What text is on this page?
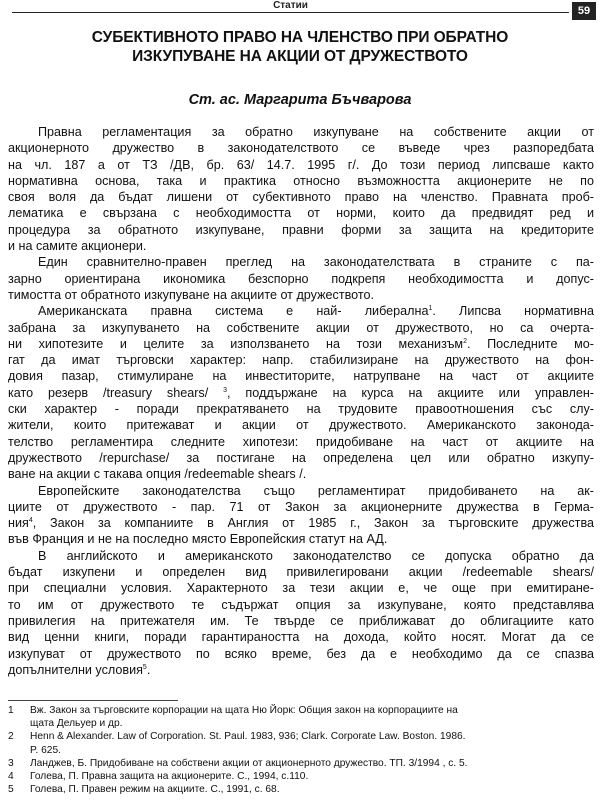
Статии	59
СУБЕКТИВНОТО ПРАВО НА ЧЛЕНСТВО ПРИ ОБРАТНО
ИЗКУПУВАНЕ НА АКЦИИ ОТ ДРУЖЕСТВОТО
Ст. ас. Маргарита Бъчварова
Правна регламентация за обратно изкупуване на собствените акции от
акционерното дружество в законодателството се въведе чрез разпоредбата
на чл. 187 а от ТЗ /ДВ, бр. 63/ 14.7. 1995 г/. До този период липсваше както
нормативна основа, така и практика относно възможността акционерите не по
своя воля да бъдат лишени от субективното право на членство. Правната проб-
лематика е свързана с необходимостта от норми, които да предвидят ред и
процедура за обратното изкупуване, правни форми за защита на кредиторите
и на самите акционери.
Един сравнително-правен преглед на законодателствата в страните с па-
зарно ориентирана икономика безспорно подкрепя необходимостта и допус-
тимостта от обратното изкупуване на акциите от дружеството.
Американската правна система е най- либерална$^1$. Липсва нормативна
забрана за изкупуването на собствените акции от дружеството, но са очертa-
ни хипотезите и целите за използването на този механизъм$^2$. Последните мо-
гат да имат търговски характер: напр. стабилизиране на дружеството на фон-
довия пазар, стимулиране на инвеститорите, натрупване на част от акциите
като резерв /treasury shears/ $^3$, поддържане на курса на акциите или управлен-
ски характер - поради прекратяването на трудовите правоотношения със слу-
жители, които притежават и акции от дружеството. Американското законода-
телство регламентира следните хипотези: придобиване на част от акциите на
дружеството /repurchase/ за постигане на определена цел или обратно изкупу-
ване на акции с такава опция /redeemable shears /.
Европейските законодателства също регламентират придобиването на ак-
циите от дружеството - пар. 71 от Закон за акционерните дружества в Герма-
ния$^4$, Закон за компаниите в Англия от 1985 г., Закон за търговските дружества
във Франция и не на последно място Европейския статут на АД.
В английското и американското законодателство се допуска обратно да
бъдат изкупени и определен вид привилегировани акции /redeemable shears/
при специални условия. Характерното за тези акции е, че още при емитиране-
то им от дружеството те съдържат опция за изкупуване, която представлява
привилегия на притежателя им. Те твърде се приближават до облигациите като
вид ценни книги, поради гарантираността на дохода, който носят. Могат да се
изкупуват от дружеството по всяко време, без да е необходимо да се спазва
допълнителни условия$^5$.
1	Вж. Закон за търговските корпорации на щата Ню Йорк: Общия закон на корпорациите на
щата Дельуер и др.
2	Henn & Alexander. Law of Corporation. St. Paul. 1983, 936; Clark. Corporate Law. Boston. 1986.
P. 625.
3	Ланджев, Б. Придобиване на собствени акции от акционерното дружество. ТП. 3/1994 , с. 5.
4	Голева, П. Правна защита на акционерите. С., 1994, с.110.
5	Голева, П. Правен режим на акциите. С., 1991, с. 68.
